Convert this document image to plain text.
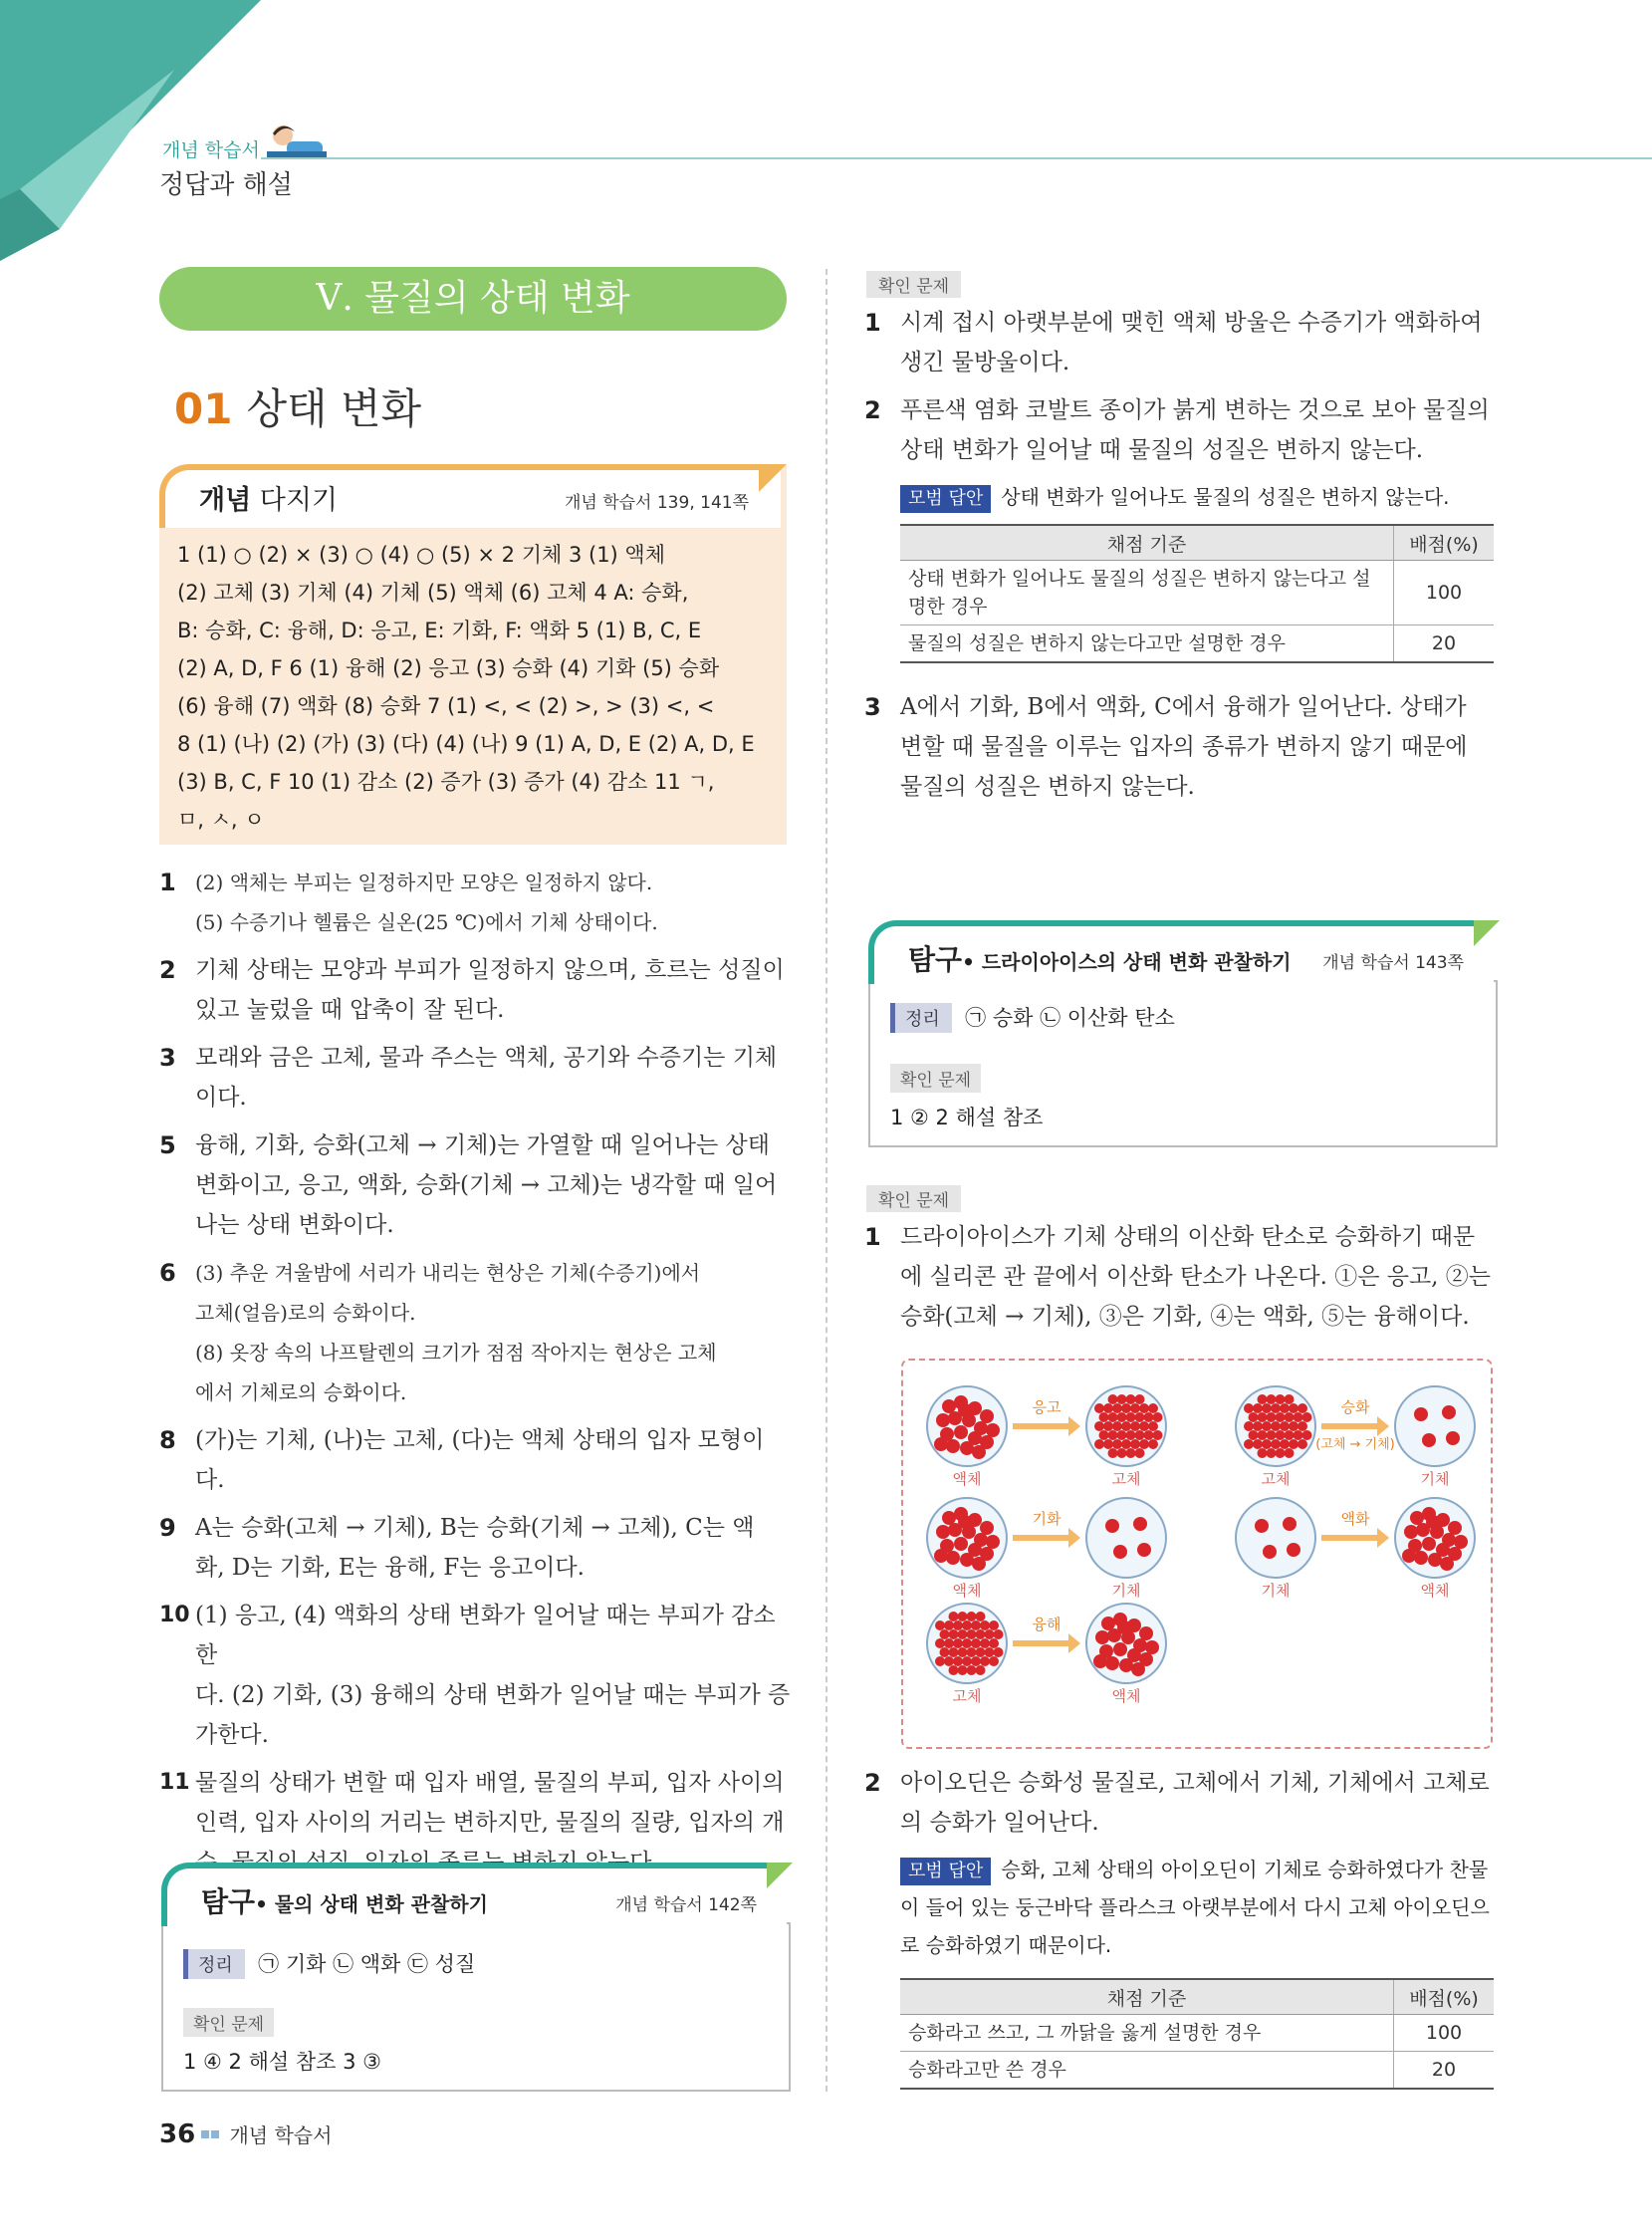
개념 학습서
정답과 해설
Ⅴ. 물질의 상태 변화
01 상태 변화
개념 다지기	개념 학습서 139, 141쪽
1 (1) ○ (2) × (3) ○ (4) ○ (5) × 2 기체 3 (1) 액체
(2) 고체 (3) 기체 (4) 기체 (5) 액체 (6) 고체 4 A: 승화,
B: 승화, C: 융해, D: 응고, E: 기화, F: 액화 5 (1) B, C, E
(2) A, D, F 6 (1) 융해 (2) 응고 (3) 승화 (4) 기화 (5) 승화
(6) 융해 (7) 액화 (8) 승화 7 (1) <, < (2) >, > (3) <, <
8 (1) (나) (2) (가) (3) (다) (4) (나) 9 (1) A, D, E (2) A, D, E
(3) B, C, F 10 (1) 감소 (2) 증가 (3) 증가 (4) 감소 11 ㄱ,
ㅁ, ㅅ, ㅇ
1 (2) 액체는 부피는 일정하지만 모양은 일정하지 않다.

(5) 수증기나 헬륨은 실온(25 ℃)에서 기체 상태이다.

2 기체 상태는 모양과 부피가 일정하지 않으며, 흐르는 성질이

있고 눌렀을 때 압축이 잘 된다.

3 모래와 금은 고체, 물과 주스는 액체, 공기와 수증기는 기체

이다.

5 융해, 기화, 승화(고체 → 기체)는 가열할 때 일어나는 상태

변화이고, 응고, 액화, 승화(기체 → 고체)는 냉각할 때 일어

나는 상태 변화이다.

6 (3) 추운 겨울밤에 서리가 내리는 현상은 기체(수증기)에서

고체(얼음)로의 승화이다.

(8) 옷장 속의 나프탈렌의 크기가 점점 작아지는 현상은 고체

에서 기체로의 승화이다.

8 (가)는 기체, (나)는 고체, (다)는 액체 상태의 입자 모형이다.

9 A는 승화(고체 → 기체), B는 승화(기체 → 고체), C는 액

화, D는 기화, E는 융해, F는 응고이다.

10 (1) 응고, (4) 액화의 상태 변화가 일어날 때는 부피가 감소한

다. (2) 기화, (3) 융해의 상태 변화가 일어날 때는 부피가 증

가한다.

11 물질의 상태가 변할 때 입자 배열, 물질의 부피, 입자 사이의

인력, 입자 사이의 거리는 변하지만, 물질의 질량, 입자의 개

탐구• 물의 상태 변화 관찰하기	개념 학습서 142쪽
정리 ㉠ 기화 ㉡ 액화 ㉢ 성질
확인 문제
1 ④ 2 해설 참조 3 ③
확인 문제
1 시계 접시 아랫부분에 맺힌 액체 방울은 수증기가 액화하여

생긴 물방울이다.

2 푸른색 염화 코발트 종이가 붉게 변하는 것으로 보아 물질의

상태 변화가 일어날 때 물질의 성질은 변하지 않는다.

모범 답안 상태 변화가 일어나도 물질의 성질은 변하지 않는다.
채점 기준	배점(%)
상태 변화가 일어나도 물질의 성질은 변하지 않는다고 설명한 경우	100
물질의 성질은 변하지 않는다고만 설명한 경우	20
3 A에서 기화, B에서 액화, C에서 융해가 일어난다. 상태가

변할 때 물질을 이루는 입자의 종류가 변하지 않기 때문에

물질의 성질은 변하지 않는다.

탐구• 드라이아이스의 상태 변화 관찰하기 개념 학습서 143쪽
정리 ㉠ 승화 ㉡ 이산화 탄소
확인 문제
1 ② 2 해설 참조
확인 문제
1 드라이아이스가 기체 상태의 이산화 탄소로 승화하기 때문

에 실리콘 관 끝에서 이산화 탄소가 나온다. ①은 응고, ②는

승화(고체 → 기체), ③은 기화, ④는 액화, ⑤는 융해이다.

액체
응고
고체	고체
승화
(고체 → 기체)
기체
액체
기화
기체	기체
액화
액체
고체
융해
액체
2 아이오딘은 승화성 물질로, 고체에서 기체, 기체에서 고체로

의 승화가 일어난다.

모범 답안 승화, 고체 상태의 아이오딘이 기체로 승화하였다가 찬물
이 들어 있는 둥근바닥 플라스크 아랫부분에서 다시 고체 아이오딘으
로 승화하였기 때문이다.
채점 기준	배점(%)
승화라고 쓰고, 그 까닭을 옳게 설명한 경우	100
승화라고만 쓴 경우	20
36 개념 학습서
